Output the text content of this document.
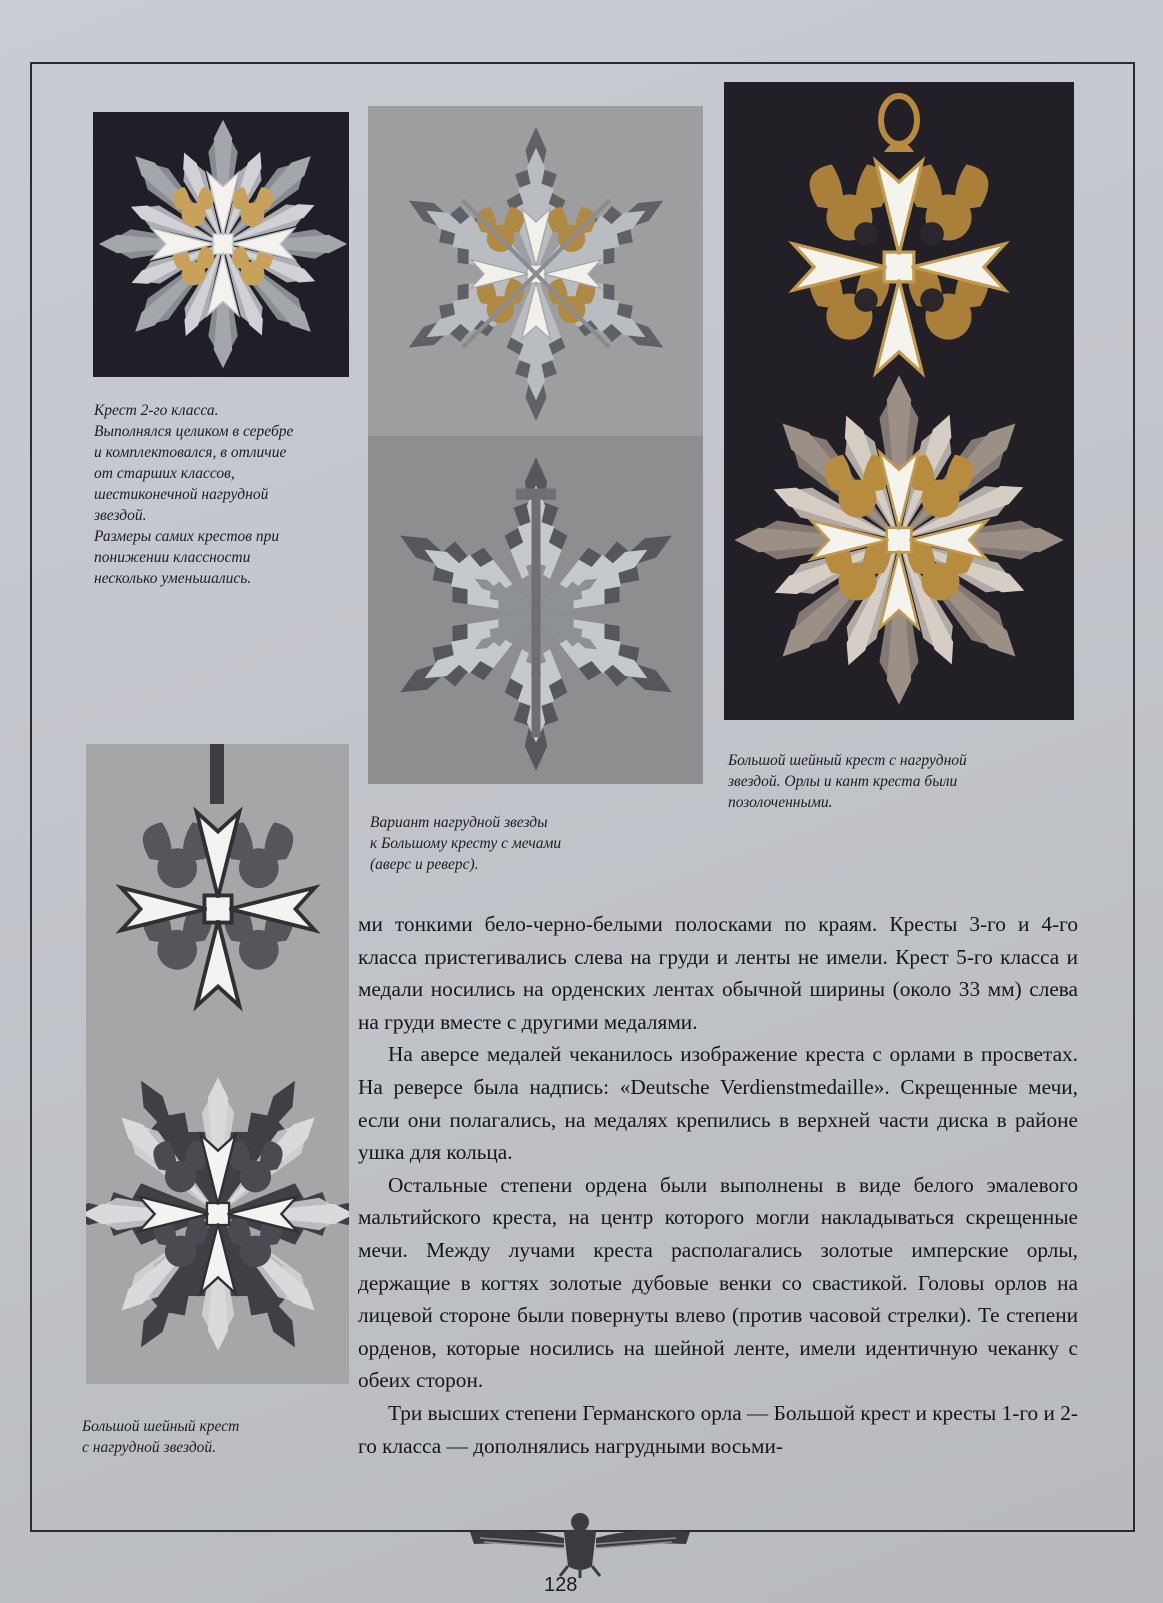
Крест 2-го класса.
Выполнялся целиком в серебре
и комплектовался, в отличие
от старших классов,
шестиконечной нагрудной
звездой.
Размеры самих крестов при
понижении классности
несколько уменьшались.
Вариант нагрудной звезды
к Большому кресту с мечами
(аверс и реверс).
Большой шейный крест с нагрудной
звездой. Орлы и кант креста были
позолоченными.
Большой шейный крест
с нагрудной звездой.

ми тонкими бело-черно-белыми полосками по краям. Кресты 3-го и 4-го класса пристегивались слева на груди и ленты не имели. Крест 5-го класса и медали носились на орденских лентах обычной ширины (около 33 мм) слева на груди вместе с другими медалями.

На аверсе медалей чеканилось изображение креста с орлами в просветах. На реверсе была надпись: «Deutsche Verdienstmedaille». Скрещенные мечи, если они полагались, на медалях крепились в верхней части диска в районе ушка для кольца.

Остальные степени ордена были выполнены в виде белого эмалевого мальтийского креста, на центр которого могли накладываться скрещенные мечи. Между лучами креста располагались золотые имперские орлы, держащие в когтях золотые дубовые венки со свастикой. Головы орлов на лицевой стороне были повернуты влево (против часовой стрелки). Те степени орденов, которые носились на шейной ленте, имели идентичную чеканку с обеих сторон.

Три высших степени Германского орла — Большой крест и кресты 1-го и 2-го класса — дополнялись нагрудными восьми-

128
